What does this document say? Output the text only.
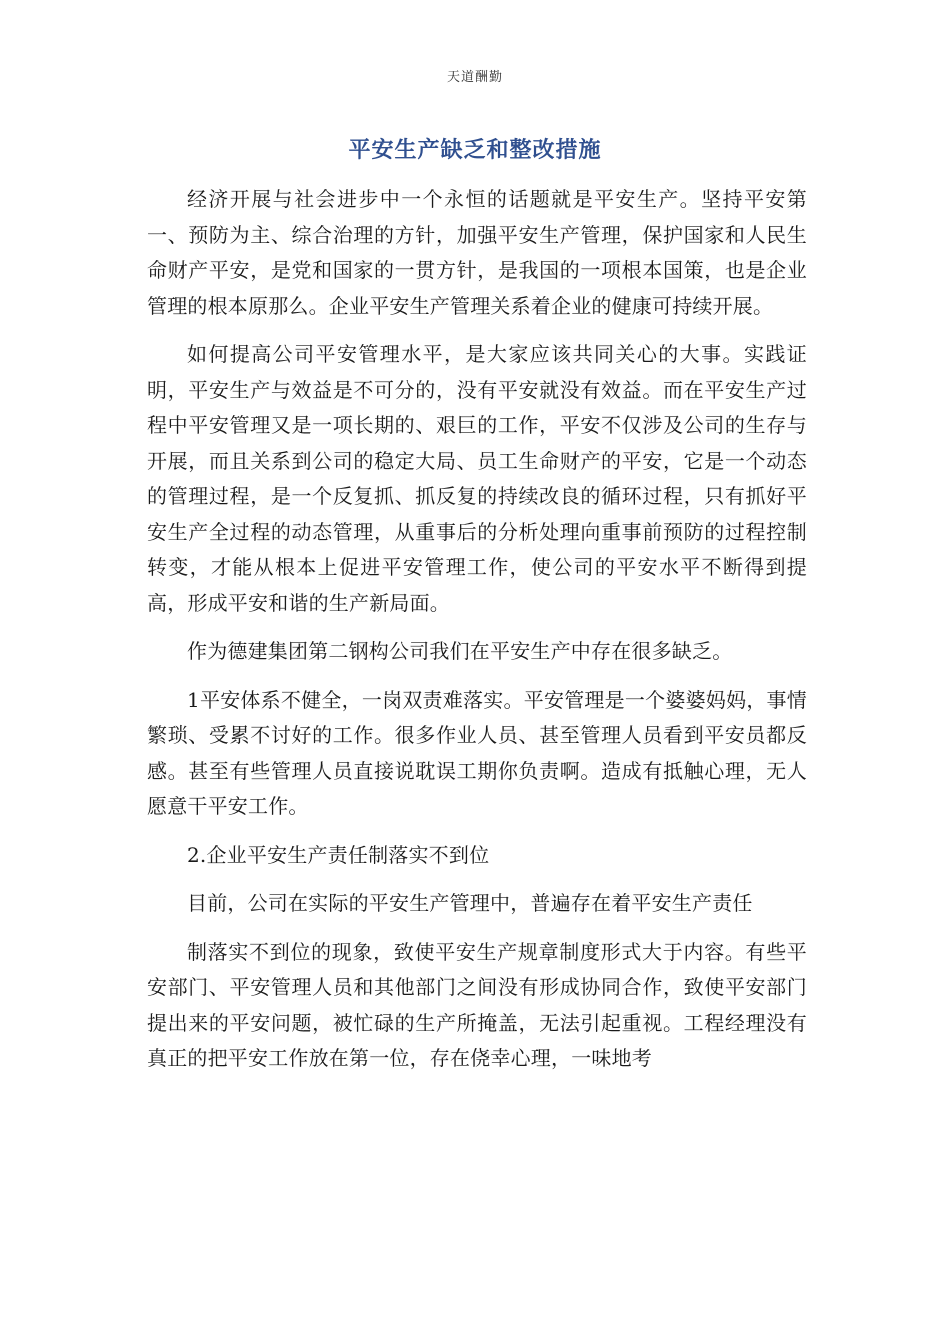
天道酬勤
平安生产缺乏和整改措施

经济开展与社会进步中一个永恒的话题就是平安生产。坚持平安第一、预防为主、综合治理的方针，加强平安生产管理，保护国家和人民生命财产平安，是党和国家的一贯方针，是我国的一项根本国策，也是企业管理的根本原那么。企业平安生产管理关系着企业的健康可持续开展。

如何提高公司平安管理水平，是大家应该共同关心的大事。实践证明，平安生产与效益是不可分的，没有平安就没有效益。而在平安生产过程中平安管理又是一项长期的、艰巨的工作，平安不仅涉及公司的生存与开展，而且关系到公司的稳定大局、员工生命财产的平安，它是一个动态的管理过程，是一个反复抓、抓反复的持续改良的循环过程，只有抓好平安生产全过程的动态管理，从重事后的分析处理向重事前预防的过程控制转变，才能从根本上促进平安管理工作，使公司的平安水平不断得到提高，形成平安和谐的生产新局面。

作为德建集团第二钢构公司我们在平安生产中存在很多缺乏。

1平安体系不健全，一岗双责难落实。平安管理是一个婆婆妈妈，事情繁琐、受累不讨好的工作。很多作业人员、甚至管理人员看到平安员都反感。甚至有些管理人员直接说耽误工期你负责啊。造成有抵触心理，无人愿意干平安工作。

2.企业平安生产责任制落实不到位

目前，公司在实际的平安生产管理中，普遍存在着平安生产责任

制落实不到位的现象，致使平安生产规章制度形式大于内容。有些平安部门、平安管理人员和其他部门之间没有形成协同合作，致使平安部门提出来的平安问题，被忙碌的生产所掩盖，无法引起重视。工程经理没有真正的把平安工作放在第一位，存在侥幸心理，一味地考
